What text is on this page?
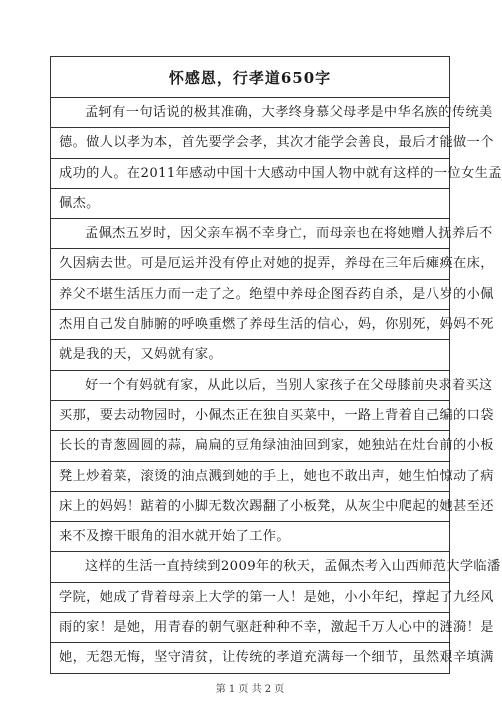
怀感恩，行孝道650字
孟轲有一句话说的极其准确，大孝终身慕父母孝是中华名族的传统美
德。做人以孝为本，首先要学会孝，其次才能学会善良，最后才能做一个
成功的人。在2011年感动中国十大感动中国人物中就有这样的一位女生孟
佩杰。
孟佩杰五岁时，因父亲车祸不幸身亡，而母亲也在将她赠人抚养后不
久因病去世。可是厄运并没有停止对她的捉弄，养母在三年后瘫痪在床，
养父不堪生活压力而一走了之。绝望中养母企图吞药自杀，是八岁的小佩
杰用自己发自肺腑的呼唤重燃了养母生活的信心，妈，你别死，妈妈不死
就是我的天，又妈就有家。
好一个有妈就有家，从此以后，当别人家孩子在父母膝前央求着买这
买那，要去动物园时，小佩杰正在独自买菜中，一路上背着自己编的口袋
长长的青葱圆圆的蒜，扁扁的豆角绿油油回到家，她独站在灶台前的小板
凳上炒着菜，滚烫的油点溅到她的手上，她也不敢出声，她生怕惊动了病
床上的妈妈！踮着的小脚无数次踢翻了小板凳，从灰尘中爬起的她甚至还
来不及擦干眼角的泪水就开始了工作。
这样的生活一直持续到2009年的秋天，孟佩杰考入山西师范大学临潘
学院，她成了背着母亲上大学的第一人！是她，小小年纪，撑起了九经风
雨的家！是她，用青春的朝气驱赶种种不幸，激起千万人心中的涟漪！是
她，无怨无悔，坚守清贫，让传统的孝道充满每一个细节，虽然艰辛填满
第 1 页 共 2 页
